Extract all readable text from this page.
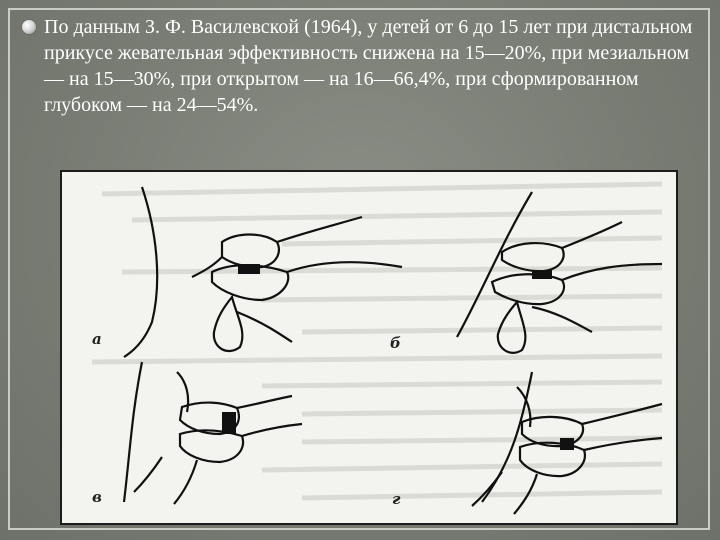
По данным З. Ф. Василевской (1964), у детей от 6 до 15 лет при дистальном прикусе жевательная эффективность снижена на 15—20%, при мезиальном — на 15—30%, при открытом — на 16—66,4%, при сформированном глубоком — на 24—54%.

а	б
в	г
